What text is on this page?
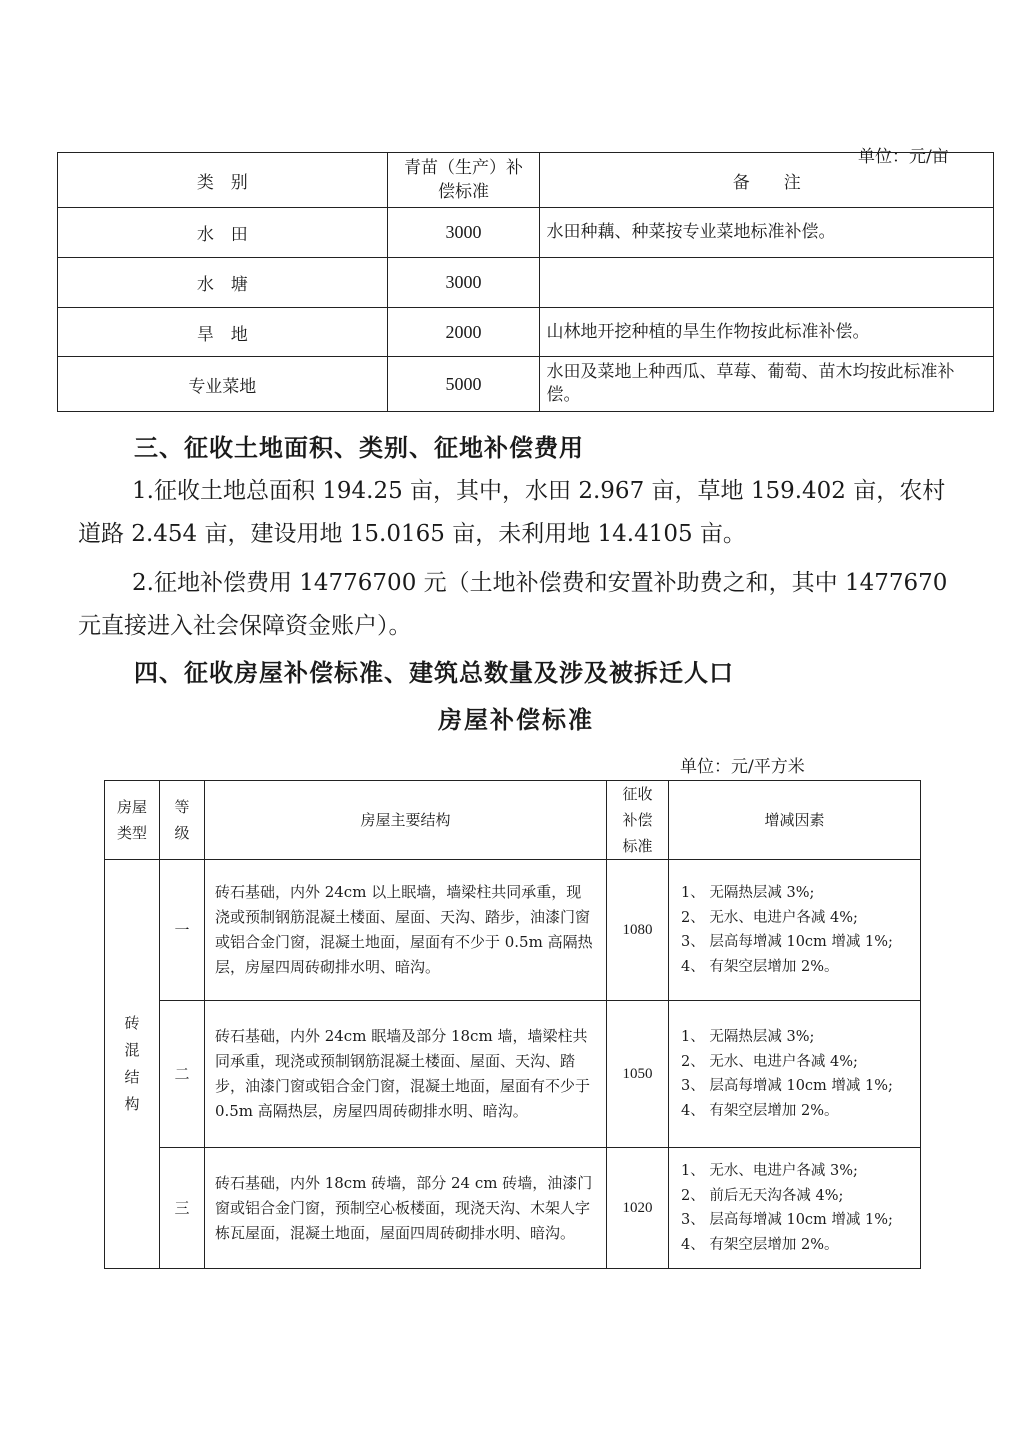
单位：元/亩
类　别	青苗（生产）补偿标准	备　　注
水　田	3000	水田种藕、种菜按专业菜地标准补偿。
水　塘	3000	
旱　地	2000	山林地开挖种植的旱生作物按此标准补偿。
专业菜地	5000	水田及菜地上种西瓜、草莓、葡萄、苗木均按此标准补偿。
三、征收土地面积、类别、征地补偿费用
1.征收土地总面积 194.25 亩，其中，水田 2.967 亩，草地 159.402 亩，农村道路 2.454 亩，建设用地 15.0165 亩，未利用地 14.4105 亩。
2.征地补偿费用 14776700 元（土地补偿费和安置补助费之和，其中 1477670 元直接进入社会保障资金账户）。
四、征收房屋补偿标准、建筑总数量及涉及被拆迁人口
房屋补偿标准
单位：元/平方米
房屋类型	等级	房屋主要结构	征收补偿标准	增减因素
砖混结构	一	砖石基础，内外 24cm 以上眠墙，墙梁柱共同承重，现浇或预制钢筋混凝土楼面、屋面、天沟、踏步，油漆门窗或铝合金门窗，混凝土地面，屋面有不少于 0.5m 高隔热层，房屋四周砖砌排水明、暗沟。	1080	1、 无隔热层减 3%;
2、 无水、电进户各减 4%;
3、 层高每增减 10cm 增减 1%;
4、 有架空层增加 2%。

	二	砖石基础，内外 24cm 眠墙及部分 18cm 墙，墙梁柱共同承重，现浇或预制钢筋混凝土楼面、屋面、天沟、踏步，油漆门窗或铝合金门窗，混凝土地面，屋面有不少于 0.5m 高隔热层，房屋四周砖砌排水明、暗沟。	1050	1、 无隔热层减 3%;
2、 无水、电进户各减 4%;
3、 层高每增减 10cm 增减 1%;
4、 有架空层增加 2%。

	三	砖石基础，内外 18cm 砖墙，部分 24 cm 砖墙，油漆门窗或铝合金门窗，预制空心板楼面，现浇天沟、木架人字栋瓦屋面，混凝土地面，屋面四周砖砌排水明、暗沟。	1020	1、 无水、电进户各减 3%;
2、 前后无天沟各减 4%;
3、 层高每增减 10cm 增减 1%;
4、 有架空层增加 2%。
